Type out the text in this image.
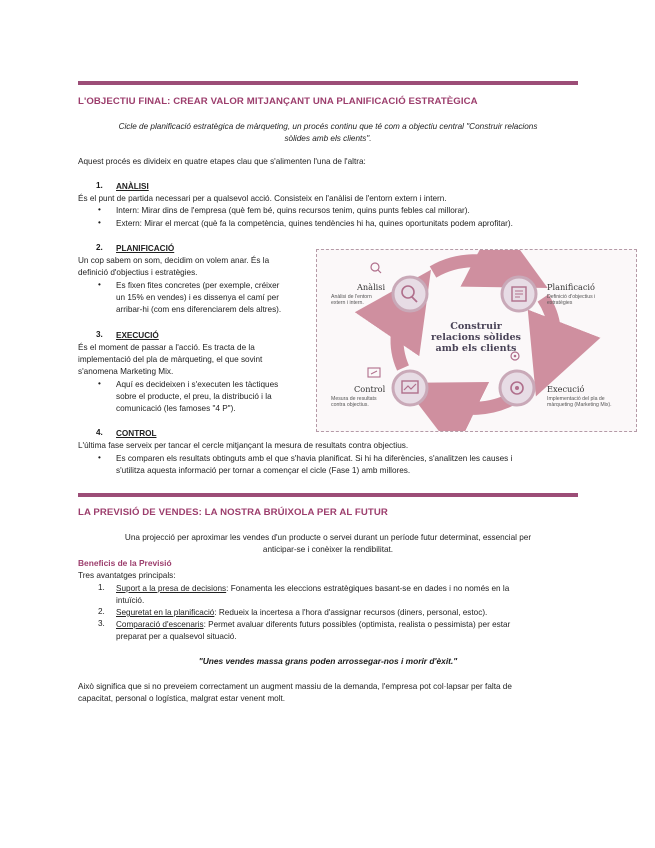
L'OBJECTIU FINAL: CREAR VALOR MITJANÇANT UNA PLANIFICACIÓ ESTRATÈGICA
Cicle de planificació estratègica de màrqueting, un procés continu que té com a objectiu central "Construir relacions
sòlides amb els clients".
Aquest procés es divideix en quatre etapes clau que s'alimenten l'una de l'altra:
1. ANÀLISI
És el punt de partida necessari per a qualsevol acció. Consisteix en l'anàlisi de l'entorn extern i intern.
• Intern: Mirar dins de l'empresa (què fem bé, quins recursos tenim, quins punts febles cal millorar).
• Extern: Mirar el mercat (què fa la competència, quines tendències hi ha, quines oportunitats podem aprofitar).
2. PLANIFICACIÓ
Un cop sabem on som, decidim on volem anar. És la
definició d'objectius i estratègies.
• Es fixen fites concretes (per exemple, créixer
un 15% en vendes) i es dissenya el camí per
arribar-hi (com ens diferenciarem dels altres).
3. EXECUCIÓ
És el moment de passar a l'acció. Es tracta de la
implementació del pla de màrqueting, el que sovint
s'anomena Marketing Mix.
• Aquí es decideixen i s'executen les tàctiques
sobre el producte, el preu, la distribució i la
comunicació (les famoses "4 P").
4. CONTROL
L'última fase serveix per tancar el cercle mitjançant la mesura de resultats contra objectius.
• Es comparen els resultats obtinguts amb el que s'havia planificat. Si hi ha diferències, s'analitzen les causes i
s'utilitza aquesta informació per tornar a començar el cicle (Fase 1) amb millores.
Construir
relacions sòlides
amb els clients
Anàlisi
Anàlisi de l'entorn
extern i intern.
Planificació
Definició d'objectius i
estratègies
Control
Mesura de resultats
contra objectius.
Execució
Implementació del pla de
màrqueting (Marketing Mix).
LA PREVISIÓ DE VENDES: LA NOSTRA BRÚIXOLA PER AL FUTUR
Una projecció per aproximar les vendes d'un producte o servei durant un període futur determinat, essencial per
anticipar-se i conèixer la rendibilitat.
Beneficis de la Previsió
Tres avantatges principals:
1. Suport a la presa de decisions: Fonamenta les eleccions estratègiques basant-se en dades i no només en la
intuïció.
2. Seguretat en la planificació: Redueix la incertesa a l'hora d'assignar recursos (diners, personal, estoc).
3. Comparació d'escenaris: Permet avaluar diferents futurs possibles (optimista, realista o pessimista) per estar
preparat per a qualsevol situació.
"Unes vendes massa grans poden arrossegar-nos i morir d'èxit."
Això significa que si no preveiem correctament un augment massiu de la demanda, l'empresa pot col·lapsar per falta de
capacitat, personal o logística, malgrat estar venent molt.
